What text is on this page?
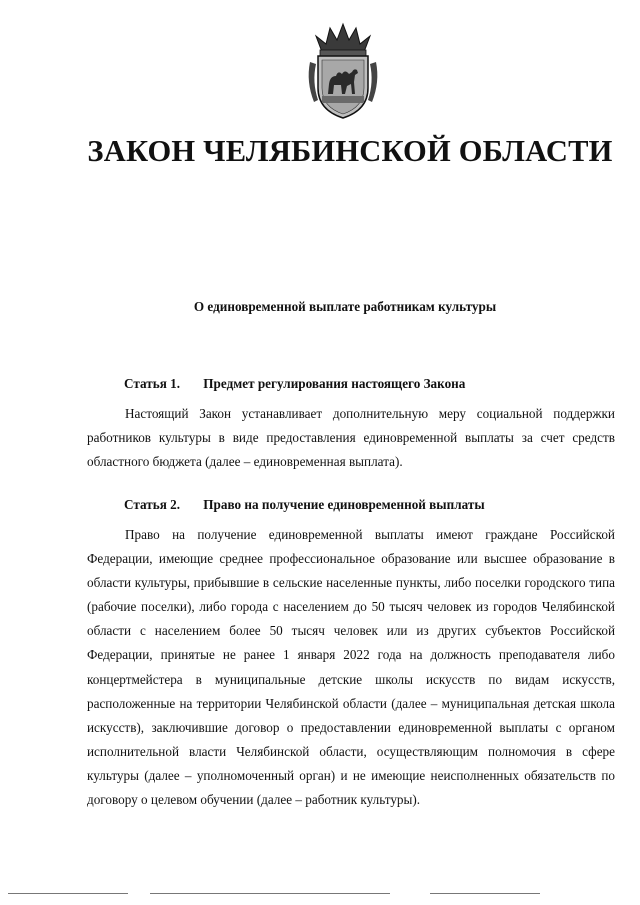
ЗАКОН ЧЕЛЯБИНСКОЙ ОБЛАСТИ
О единовременной выплате работникам культуры
Статья 1. Предмет регулирования настоящего Закона

Настоящий Закон устанавливает дополнительную меру социальной поддержки работников культуры в виде предоставления единовременной выплаты за счет средств областного бюджета (далее – единовременная выплата).

Статья 2. Право на получение единовременной выплаты

Право на получение единовременной выплаты имеют граждане Российской Федерации, имеющие среднее профессиональное образование или высшее образование в области культуры, прибывшие в сельские населенные пункты, либо поселки городского типа (рабочие поселки), либо города с населением до 50 тысяч человек из городов Челябинской области с населением более 50 тысяч человек или из других субъектов Российской Федерации, принятые не ранее 1 января 2022 года на должность преподавателя либо концертмейстера в муниципальные детские школы искусств по видам искусств, расположенные на территории Челябинской области (далее – муниципальная детская школа искусств), заключившие договор о предоставлении единовременной выплаты с органом исполнительной власти Челябинской области, осуществляющим полномочия в сфере культуры (далее – уполномоченный орган) и не имеющие неисполненных обязательств по договору о целевом обучении (далее – работник культуры).
